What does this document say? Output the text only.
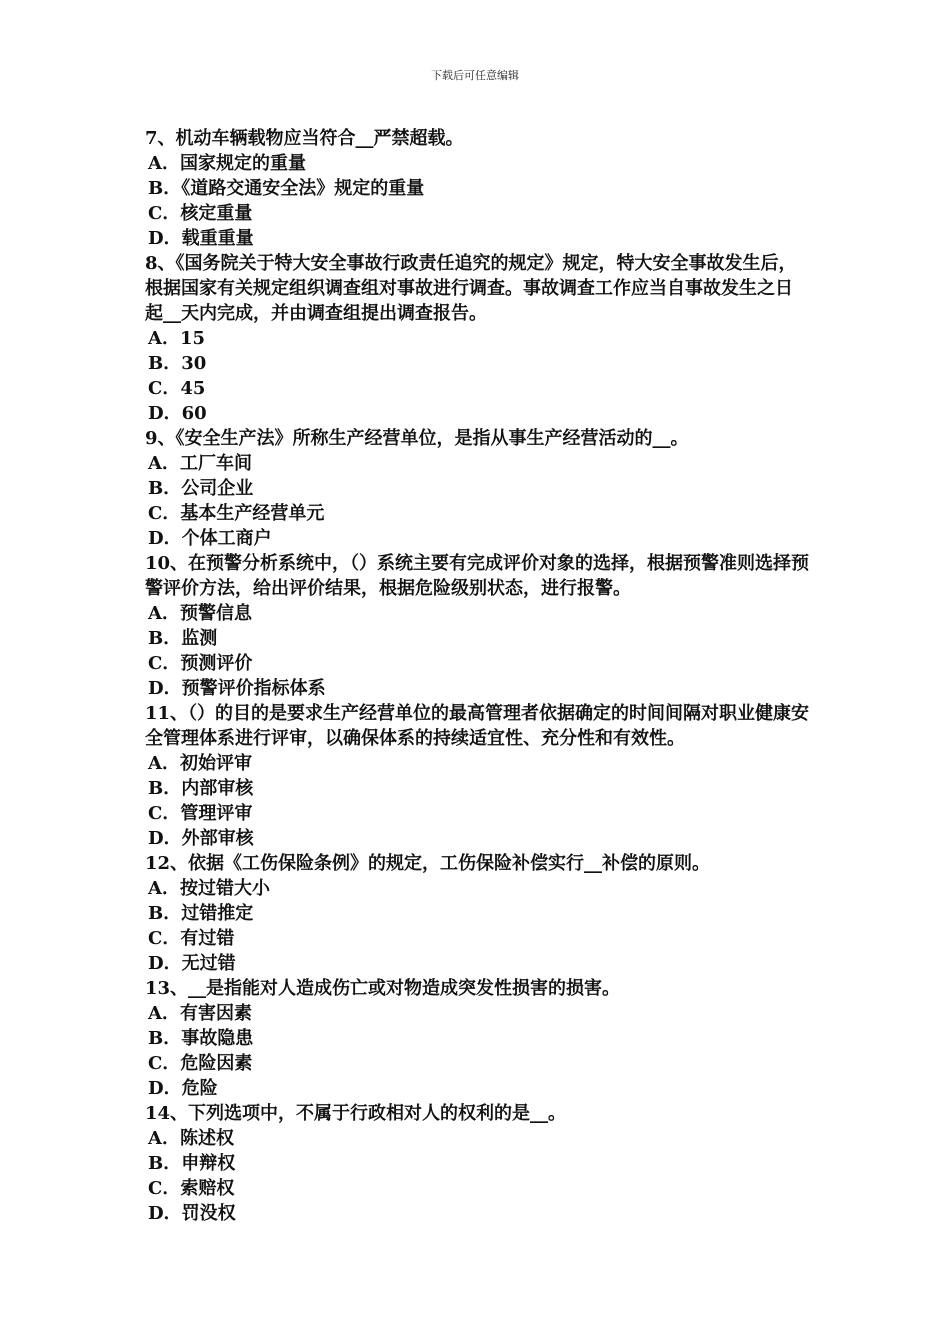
下载后可任意编辑
7、机动车辆载物应当符合__严禁超载。
A．国家规定的重量
B．《道路交通安全法》规定的重量
C．核定重量
D．载重重量
8、《国务院关于特大安全事故行政责任追究的规定》规定，特大安全事故发生后，根据国家有关规定组织调查组对事故进行调查。事故调查工作应当自事故发生之日起__天内完成，并由调查组提出调查报告。
A．15
B．30
C．45
D．60
9、《安全生产法》所称生产经营单位，是指从事生产经营活动的__。
A．工厂车间
B．公司企业
C．基本生产经营单元
D．个体工商户
10、在预警分析系统中，（）系统主要有完成评价对象的选择，根据预警准则选择预警评价方法，给出评价结果，根据危险级别状态，进行报警。
A．预警信息
B．监测
C．预测评价
D．预警评价指标体系
11、（）的目的是要求生产经营单位的最高管理者依据确定的时间间隔对职业健康安全管理体系进行评审，以确保体系的持续适宜性、充分性和有效性。
A．初始评审
B．内部审核
C．管理评审
D．外部审核
12、依据《工伤保险条例》的规定，工伤保险补偿实行__补偿的原则。
A．按过错大小
B．过错推定
C．有过错
D．无过错
13、__是指能对人造成伤亡或对物造成突发性损害的损害。
A．有害因素
B．事故隐患
C．危险因素
D．危险
14、下列选项中，不属于行政相对人的权利的是__。
A．陈述权
B．申辩权
C．索赔权
D．罚没权
